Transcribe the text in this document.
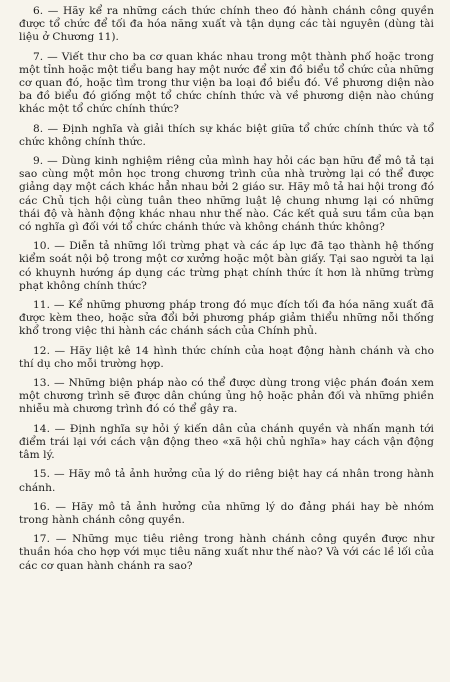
6. — Hãy kể ra những cách thức chính theo đó hành chánh công quyền được tổ chức để tối đa hóa năng xuất và tận dụng các tài nguyên (dùng tài liệu ở Chương 11).

7. — Viết thư cho ba cơ quan khác nhau trong một thành phố hoặc trong một tỉnh hoặc một tiểu bang hay một nước để xin đồ biểu tổ chức của những cơ quan đó, hoặc tìm trong thư viện ba loại đồ biểu đó. Về phương diện nào ba đồ biểu đó giống một tổ chức chính thức và về phương diện nào chúng khác một tổ chức chính thức?

8. — Định nghĩa và giải thích sự khác biệt giữa tổ chức chính thức và tổ chức không chính thức.

9. — Dùng kinh nghiệm riêng của mình hay hỏi các bạn hữu để mô tả tại sao cùng một môn học trong chương trình của nhà trường lại có thể được giảng dạy một cách khác hẳn nhau bởi 2 giáo sư. Hãy mô tả hai hội trong đó các Chủ tịch hội cùng tuân theo những luật lệ chung nhưng lại có những thái độ và hành động khác nhau như thế nào. Các kết quả sưu tầm của bạn có nghĩa gì đối với tổ chức chánh thức và không chánh thức không?

10. — Diễn tả những lối trừng phạt và các áp lực đã tạo thành hệ thống kiểm soát nội bộ trong một cơ xưởng hoặc một bàn giấy. Tại sao người ta lại có khuynh hướng áp dụng các trừng phạt chính thức ít hơn là những trừng phạt không chính thức?

11. — Kể những phương pháp trong đó mục đích tối đa hóa năng xuất đã được kèm theo, hoặc sửa đổi bởi phương pháp giảm thiểu những nỗi thống khổ trong việc thi hành các chánh sách của Chính phủ.

12. — Hãy liệt kê 14 hình thức chính của hoạt động hành chánh và cho thí dụ cho mỗi trường hợp.

13. — Những biện pháp nào có thể được dùng trong việc phán đoán xem một chương trình sẽ được dân chúng ủng hộ hoặc phản đối và những phiền nhiễu mà chương trình đó có thể gây ra.

14. — Định nghĩa sự hỏi ý kiến dân của chánh quyền và nhấn mạnh tới điểm trái lại với cách vận động theo «xã hội chủ nghĩa» hay cách vận động tâm lý.

15. — Hãy mô tả ảnh hưởng của lý do riêng biệt hay cá nhân trong hành chánh.

16. — Hãy mô tả ảnh hưởng của những lý do đảng phái hay bè nhóm trong hành chánh công quyền.

17. — Những mục tiêu riêng trong hành chánh công quyền được như thuần hóa cho hợp với mục tiêu năng xuất như thế nào? Và với các lề lối của các cơ quan hành chánh ra sao?
